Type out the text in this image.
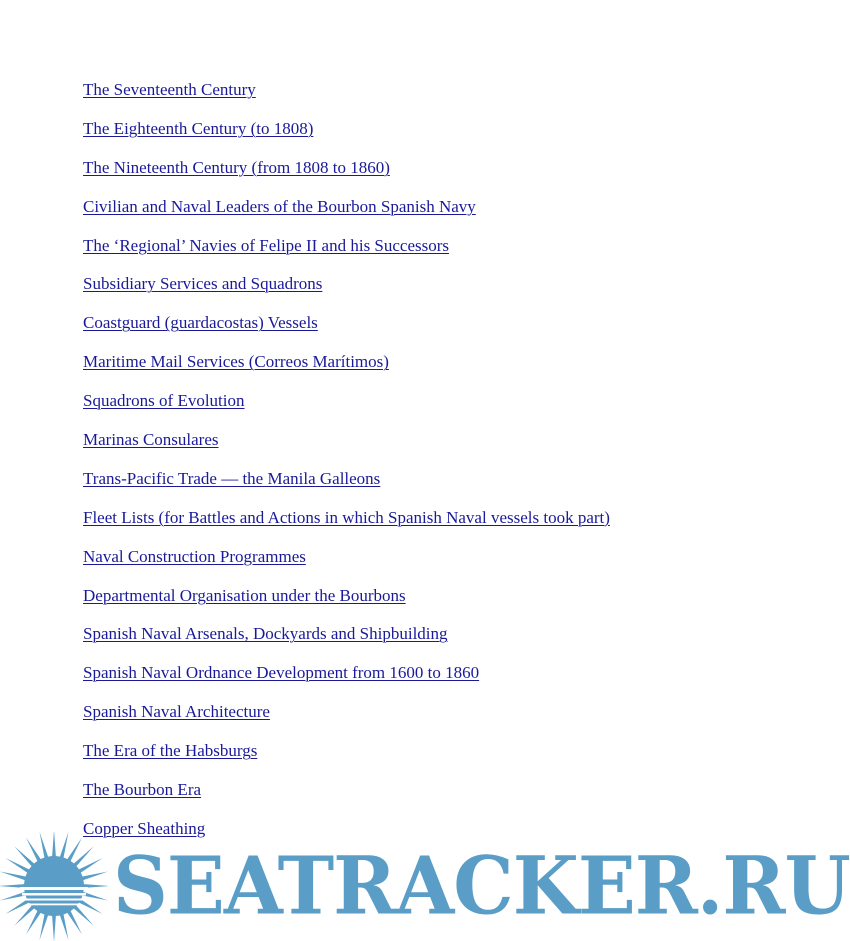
The Seventeenth Century
The Eighteenth Century (to 1808)
The Nineteenth Century (from 1808 to 1860)
Civilian and Naval Leaders of the Bourbon Spanish Navy
The ‘Regional’ Navies of Felipe II and his Successors
Subsidiary Services and Squadrons
Coastguard (guardacostas) Vessels
Maritime Mail Services (Correos Marítimos)
Squadrons of Evolution
Marinas Consulares
Trans-Pacific Trade — the Manila Galleons
Fleet Lists (for Battles and Actions in which Spanish Naval vessels took part)
Naval Construction Programmes
Departmental Organisation under the Bourbons
Spanish Naval Arsenals, Dockyards and Shipbuilding
Spanish Naval Ordnance Development from 1600 to 1860
Spanish Naval Architecture
The Era of the Habsburgs
The Bourbon Era
Copper Sheathing
SEATRACKER.RU
